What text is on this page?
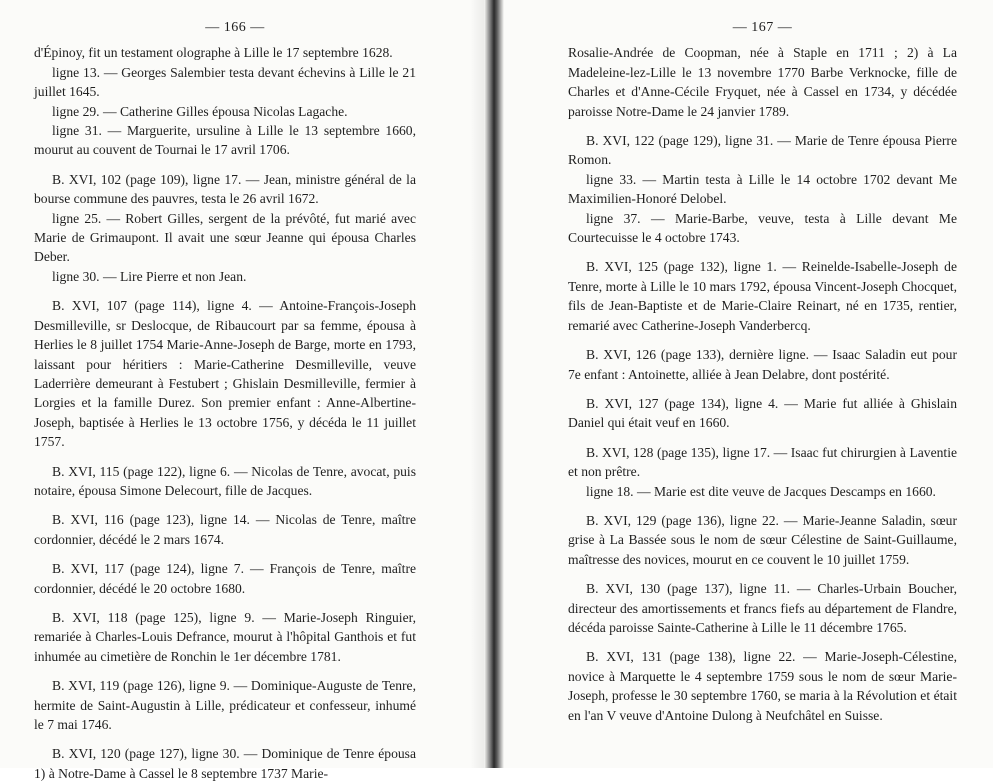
— 166 —

d'Épinoy, fit un testament olographe à Lille le 17 septembre 1628.

ligne 13. — Georges Salembier testa devant échevins à Lille le 21 juillet 1645.

ligne 29. — Catherine Gilles épousa Nicolas Lagache.

ligne 31. — Marguerite, ursuline à Lille le 13 septembre 1660, mourut au couvent de Tournai le 17 avril 1706.

B. XVI, 102 (page 109), ligne 17. — Jean, ministre général de la bourse commune des pauvres, testa le 26 avril 1672.

ligne 25. — Robert Gilles, sergent de la prévôté, fut marié avec Marie de Grimaupont. Il avait une sœur Jeanne qui épousa Charles Deber.

ligne 30. — Lire Pierre et non Jean.

B. XVI, 107 (page 114), ligne 4. — Antoine-François-Joseph Desmilleville, sr Deslocque, de Ribaucourt par sa femme, épousa à Herlies le 8 juillet 1754 Marie-Anne-Joseph de Barge, morte en 1793, laissant pour héritiers : Marie-Catherine Desmilleville, veuve Laderrière demeurant à Festubert ; Ghislain Desmilleville, fermier à Lorgies et la famille Durez. Son premier enfant : Anne-Albertine-Joseph, baptisée à Herlies le 13 octobre 1756, y décéda le 11 juillet 1757.

B. XVI, 115 (page 122), ligne 6. — Nicolas de Tenre, avocat, puis notaire, épousa Simone Delecourt, fille de Jacques.

B. XVI, 116 (page 123), ligne 14. — Nicolas de Tenre, maître cordonnier, décédé le 2 mars 1674.

B. XVI, 117 (page 124), ligne 7. — François de Tenre, maître cordonnier, décédé le 20 octobre 1680.

B. XVI, 118 (page 125), ligne 9. — Marie-Joseph Ringuier, remariée à Charles-Louis Defrance, mourut à l'hôpital Ganthois et fut inhumée au cimetière de Ronchin le 1er décembre 1781.

B. XVI, 119 (page 126), ligne 9. — Dominique-Auguste de Tenre, hermite de Saint-Augustin à Lille, prédicateur et confesseur, inhumé le 7 mai 1746.

B. XVI, 120 (page 127), ligne 30. — Dominique de Tenre épousa 1) à Notre-Dame à Cassel le 8 septembre 1737 Marie-

— 167 —

Rosalie-Andrée de Coopman, née à Staple en 1711 ; 2) à La Madeleine-lez-Lille le 13 novembre 1770 Barbe Verknocke, fille de Charles et d'Anne-Cécile Fryquet, née à Cassel en 1734, y décédée paroisse Notre-Dame le 24 janvier 1789.

B. XVI, 122 (page 129), ligne 31. — Marie de Tenre épousa Pierre Romon.

ligne 33. — Martin testa à Lille le 14 octobre 1702 devant Me Maximilien-Honoré Delobel.

ligne 37. — Marie-Barbe, veuve, testa à Lille devant Me Courtecuisse le 4 octobre 1743.

B. XVI, 125 (page 132), ligne 1. — Reinelde-Isabelle-Joseph de Tenre, morte à Lille le 10 mars 1792, épousa Vincent-Joseph Chocquet, fils de Jean-Baptiste et de Marie-Claire Reinart, né en 1735, rentier, remarié avec Catherine-Joseph Vanderbercq.

B. XVI, 126 (page 133), dernière ligne. — Isaac Saladin eut pour 7e enfant : Antoinette, alliée à Jean Delabre, dont postérité.

B. XVI, 127 (page 134), ligne 4. — Marie fut alliée à Ghislain Daniel qui était veuf en 1660.

B. XVI, 128 (page 135), ligne 17. — Isaac fut chirurgien à Laventie et non prêtre.

ligne 18. — Marie est dite veuve de Jacques Descamps en 1660.

B. XVI, 129 (page 136), ligne 22. — Marie-Jeanne Saladin, sœur grise à La Bassée sous le nom de sœur Célestine de Saint-Guillaume, maîtresse des novices, mourut en ce couvent le 10 juillet 1759.

B. XVI, 130 (page 137), ligne 11. — Charles-Urbain Boucher, directeur des amortissements et francs fiefs au département de Flandre, décéda paroisse Sainte-Catherine à Lille le 11 décembre 1765.

B. XVI, 131 (page 138), ligne 22. — Marie-Joseph-Célestine, novice à Marquette le 4 septembre 1759 sous le nom de sœur Marie-Joseph, professe le 30 septembre 1760, se maria à la Révolution et était en l'an V veuve d'Antoine Dulong à Neufchâtel en Suisse.
